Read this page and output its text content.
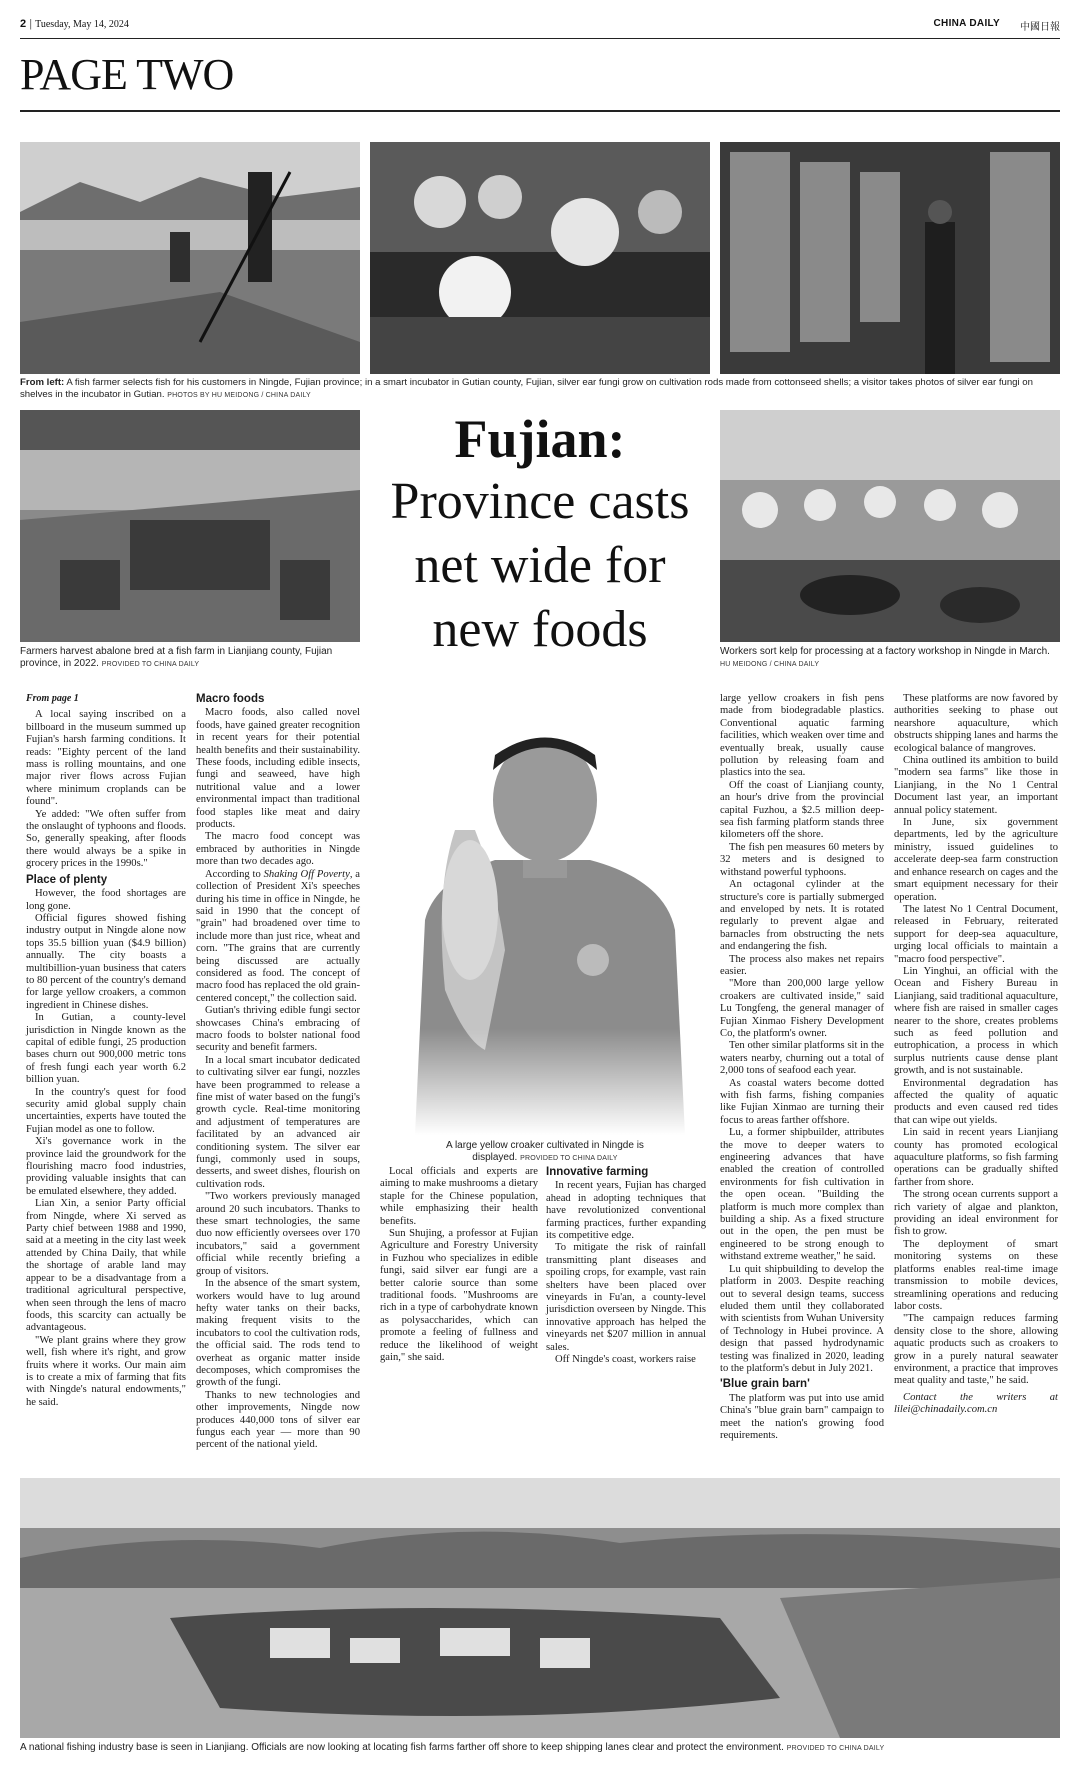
2 | Tuesday, May 14, 2024	CHINA DAILY 中國日報
PAGE TWO
From left: A fish farmer selects fish for his customers in Ningde, Fujian province; in a smart incubator in Gutian county, Fujian, silver ear fungi grow on cultivation rods made from cottonseed shells; a visitor takes photos of silver ear fungi on shelves in the incubator in Gutian. PHOTOS BY HU MEIDONG / CHINA DAILY
Farmers harvest abalone bred at a fish farm in Lianjiang county, Fujian province, in 2022. PROVIDED TO CHINA DAILY
Workers sort kelp for processing at a factory workshop in Ningde in March. HU MEIDONG / CHINA DAILY
Fujian:
Province casts
net wide for
new foods
A large yellow croaker cultivated in Ningde is displayed. PROVIDED TO CHINA DAILY
From page 1

A local saying inscribed on a billboard in the museum summed up Fujian's harsh farming conditions. It reads: "Eighty percent of the land mass is rolling mountains, and one major river flows across Fujian where minimum croplands can be found".

Ye added: "We often suffer from the onslaught of typhoons and floods. So, generally speaking, after floods there would always be a spike in grocery prices in the 1990s."

Place of plenty

However, the food shortages are long gone.

Official figures showed fishing industry output in Ningde alone now tops 35.5 billion yuan ($4.9 billion) annually. The city boasts a multibillion-yuan business that caters to 80 percent of the country's demand for large yellow croakers, a common ingredient in Chinese dishes.

In Gutian, a county-level jurisdiction in Ningde known as the capital of edible fungi, 25 production bases churn out 900,000 metric tons of fresh fungi each year worth 6.2 billion yuan.

In the country's quest for food security amid global supply chain uncertainties, experts have touted the Fujian model as one to follow.

Xi's governance work in the province laid the groundwork for the flourishing macro food industries, providing valuable insights that can be emulated elsewhere, they added.

Lian Xin, a senior Party official from Ningde, where Xi served as Party chief between 1988 and 1990, said at a meeting in the city last week attended by China Daily, that while the shortage of arable land may appear to be a disadvantage from a traditional agricultural perspective, when seen through the lens of macro foods, this scarcity can actually be advantageous.

"We plant grains where they grow well, fish where it's right, and grow fruits where it works. Our main aim is to create a mix of farming that fits with Ningde's natural endowments," he said.

Macro foods

Macro foods, also called novel foods, have gained greater recognition in recent years for their potential health benefits and their sustainability. These foods, including edible insects, fungi and seaweed, have high nutritional value and a lower environmental impact than traditional food staples like meat and dairy products.

The macro food concept was embraced by authorities in Ningde more than two decades ago.

According to Shaking Off Poverty, a collection of President Xi's speeches during his time in office in Ningde, he said in 1990 that the concept of "grain" had broadened over time to include more than just rice, wheat and corn. "The grains that are currently being discussed are actually considered as food. The concept of macro food has replaced the old grain-centered concept," the collection said.

Gutian's thriving edible fungi sector showcases China's embracing of macro foods to bolster national food security and benefit farmers.

In a local smart incubator dedicated to cultivating silver ear fungi, nozzles have been programmed to release a fine mist of water based on the fungi's growth cycle. Real-time monitoring and adjustment of temperatures are facilitated by an advanced air conditioning system. The silver ear fungi, commonly used in soups, desserts, and sweet dishes, flourish on cultivation rods.

"Two workers previously managed around 20 such incubators. Thanks to these smart technologies, the same duo now efficiently oversees over 170 incubators," said a government official while recently briefing a group of visitors.

In the absence of the smart system, workers would have to lug around hefty water tanks on their backs, making frequent visits to the incubators to cool the cultivation rods, the official said. The rods tend to overheat as organic matter inside decomposes, which compromises the growth of the fungi.

Thanks to new technologies and other improvements, Ningde now produces 440,000 tons of silver ear fungus each year — more than 90 percent of the national yield.

Local officials and experts are aiming to make mushrooms a dietary staple for the Chinese population, while emphasizing their health benefits.

Sun Shujing, a professor at Fujian Agriculture and Forestry University in Fuzhou who specializes in edible fungi, said silver ear fungi are a better calorie source than some traditional foods. "Mushrooms are rich in a type of carbohydrate known as polysaccharides, which can promote a feeling of fullness and reduce the likelihood of weight gain," she said.

Innovative farming

In recent years, Fujian has charged ahead in adopting techniques that have revolutionized conventional farming practices, further expanding its competitive edge.

To mitigate the risk of rainfall transmitting plant diseases and spoiling crops, for example, vast rain shelters have been placed over vineyards in Fu'an, a county-level jurisdiction overseen by Ningde. This innovative approach has helped the vineyards net $207 million in annual sales.

Off Ningde's coast, workers raise

large yellow croakers in fish pens made from biodegradable plastics. Conventional aquatic farming facilities, which weaken over time and eventually break, usually cause pollution by releasing foam and plastics into the sea.

Off the coast of Lianjiang county, an hour's drive from the provincial capital Fuzhou, a $2.5 million deep-sea fish farming platform stands three kilometers off the shore.

The fish pen measures 60 meters by 32 meters and is designed to withstand powerful typhoons.

An octagonal cylinder at the structure's core is partially submerged and enveloped by nets. It is rotated regularly to prevent algae and barnacles from obstructing the nets and endangering the fish.

The process also makes net repairs easier.

"More than 200,000 large yellow croakers are cultivated inside," said Lu Tongfeng, the general manager of Fujian Xinmao Fishery Development Co, the platform's owner.

Ten other similar platforms sit in the waters nearby, churning out a total of 2,000 tons of seafood each year.

As coastal waters become dotted with fish farms, fishing companies like Fujian Xinmao are turning their focus to areas farther offshore.

Lu, a former shipbuilder, attributes the move to deeper waters to engineering advances that have enabled the creation of controlled environments for fish cultivation in the open ocean. "Building the platform is much more complex than building a ship. As a fixed structure out in the open, the pen must be engineered to be strong enough to withstand extreme weather," he said.

Lu quit shipbuilding to develop the platform in 2003. Despite reaching out to several design teams, success eluded them until they collaborated with scientists from Wuhan University of Technology in Hubei province. A design that passed hydrodynamic testing was finalized in 2020, leading to the platform's debut in July 2021.

'Blue grain barn'

The platform was put into use amid China's "blue grain barn" campaign to meet the nation's growing food requirements.

These platforms are now favored by authorities seeking to phase out nearshore aquaculture, which obstructs shipping lanes and harms the ecological balance of mangroves.

China outlined its ambition to build "modern sea farms" like those in Lianjiang, in the No 1 Central Document last year, an important annual policy statement.

In June, six government departments, led by the agriculture ministry, issued guidelines to accelerate deep-sea farm construction and enhance research on cages and the smart equipment necessary for their operation.

The latest No 1 Central Document, released in February, reiterated support for deep-sea aquaculture, urging local officials to maintain a "macro food perspective".

Lin Yinghui, an official with the Ocean and Fishery Bureau in Lianjiang, said traditional aquaculture, where fish are raised in smaller cages nearer to the shore, creates problems such as feed pollution and eutrophication, a process in which surplus nutrients cause dense plant growth, and is not sustainable.

Environmental degradation has affected the quality of aquatic products and even caused red tides that can wipe out yields.

Lin said in recent years Lianjiang county has promoted ecological aquaculture platforms, so fish farming operations can be gradually shifted farther from shore.

The strong ocean currents support a rich variety of algae and plankton, providing an ideal environment for fish to grow.

The deployment of smart monitoring systems on these platforms enables real-time image transmission to mobile devices, streamlining operations and reducing labor costs.

"The campaign reduces farming density close to the shore, allowing aquatic products such as croakers to grow in a purely natural seawater environment, a practice that improves meat quality and taste," he said.

Contact the writers at lilei@chinadaily.com.cn

A national fishing industry base is seen in Lianjiang. Officials are now looking at locating fish farms farther off shore to keep shipping lanes clear and protect the environment. PROVIDED TO CHINA DAILY
